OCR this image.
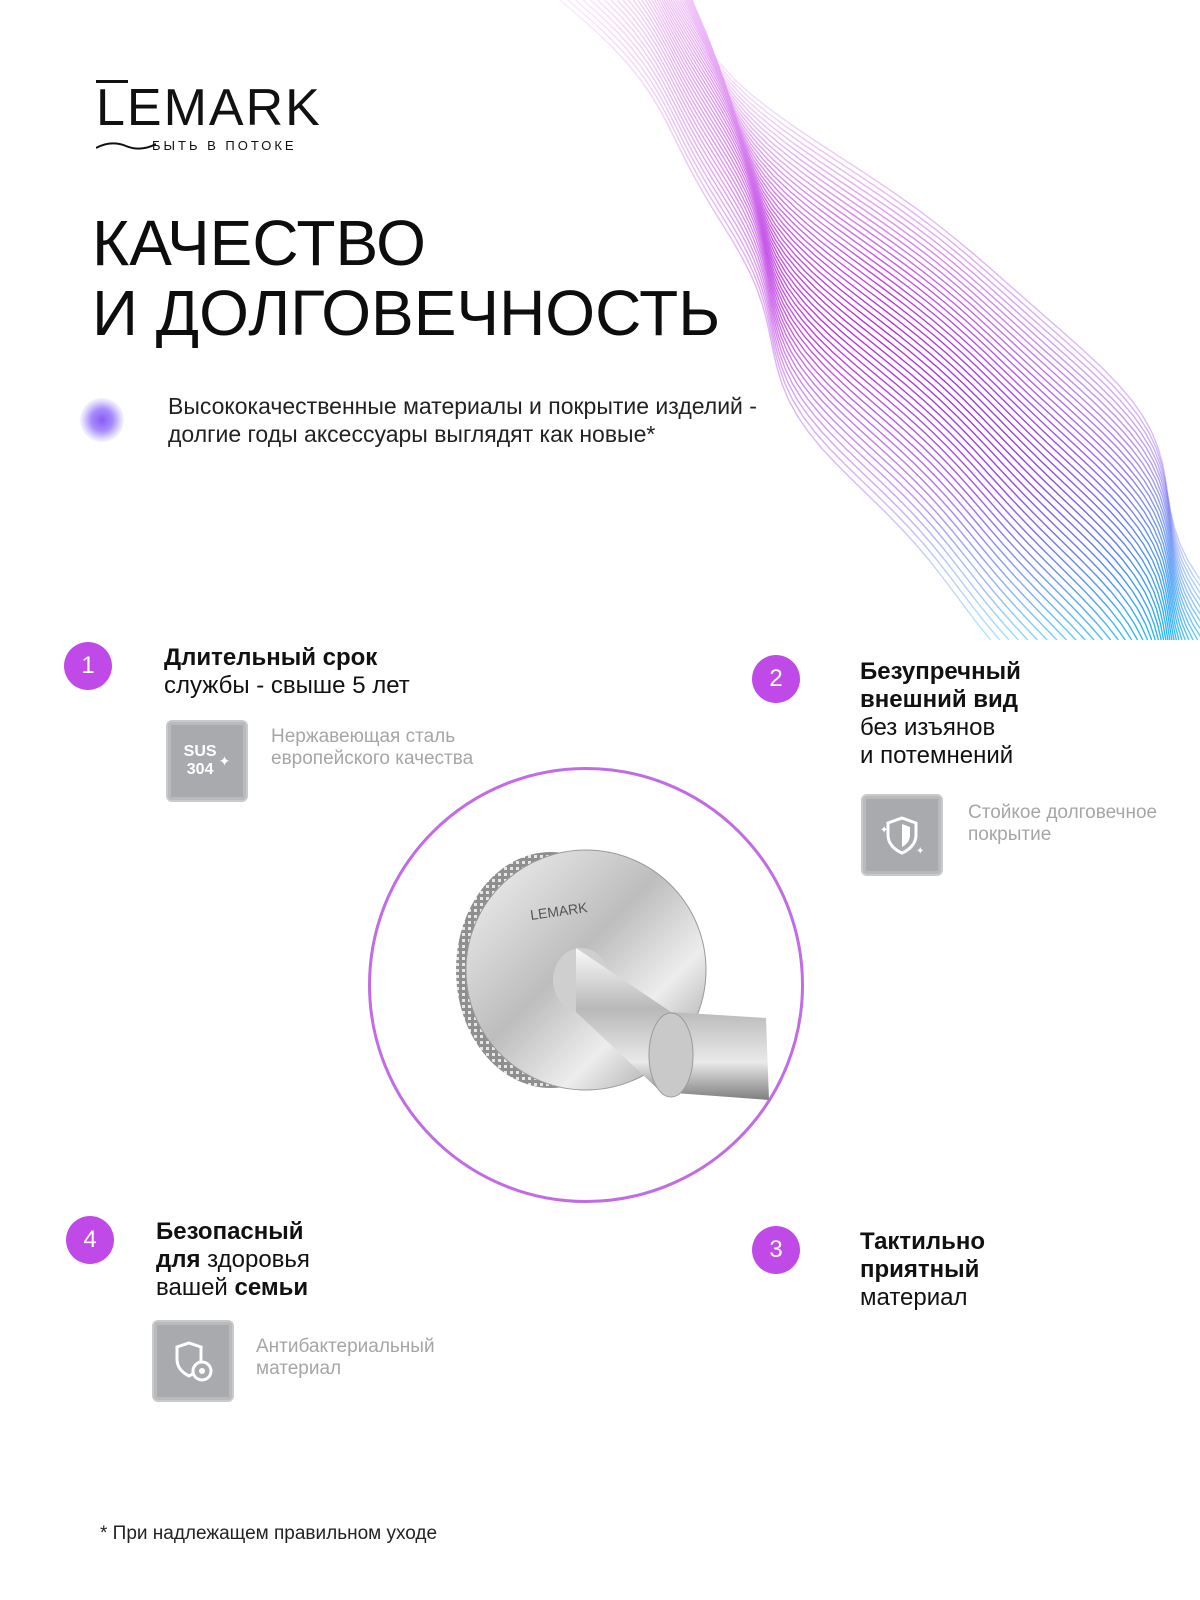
LEMARK
БЫТЬ В ПОТОКЕ
КАЧЕСТВО
И ДОЛГОВЕЧНОСТЬ
Высококачественные материалы и покрытие изделий - долгие годы аксессуары выглядят как новые*
LEMARK
1	Длительный срок
службы - свыше 5 лет
SUS
304
✦
Нержавеющая сталь европейского качества
2	Безупречный
внешний вид
без изъянов
и потемнений
✦
✦
Стойкое долговечное покрытие
3	Тактильно
приятный
материал
4	Безопасный
для здоровья
вашей семьи
Антибактериальный материал
* При надлежащем правильном уходе
